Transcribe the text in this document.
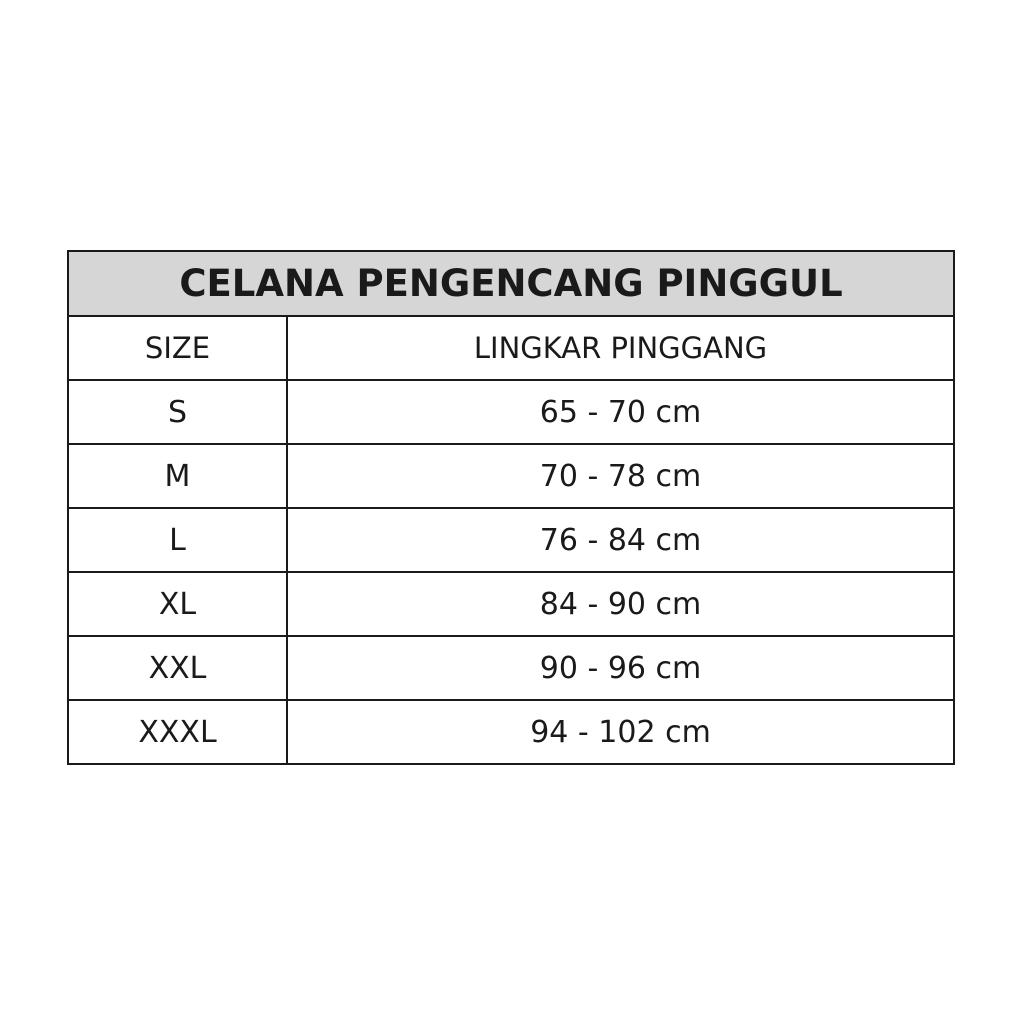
CELANA PENGENCANG PINGGUL	
SIZE	LINGKAR PINGGANG
S	65 - 70 cm
M	70 - 78 cm
L	76 - 84 cm
XL	84 - 90 cm
XXL	90 - 96 cm
XXXL	94 - 102 cm
